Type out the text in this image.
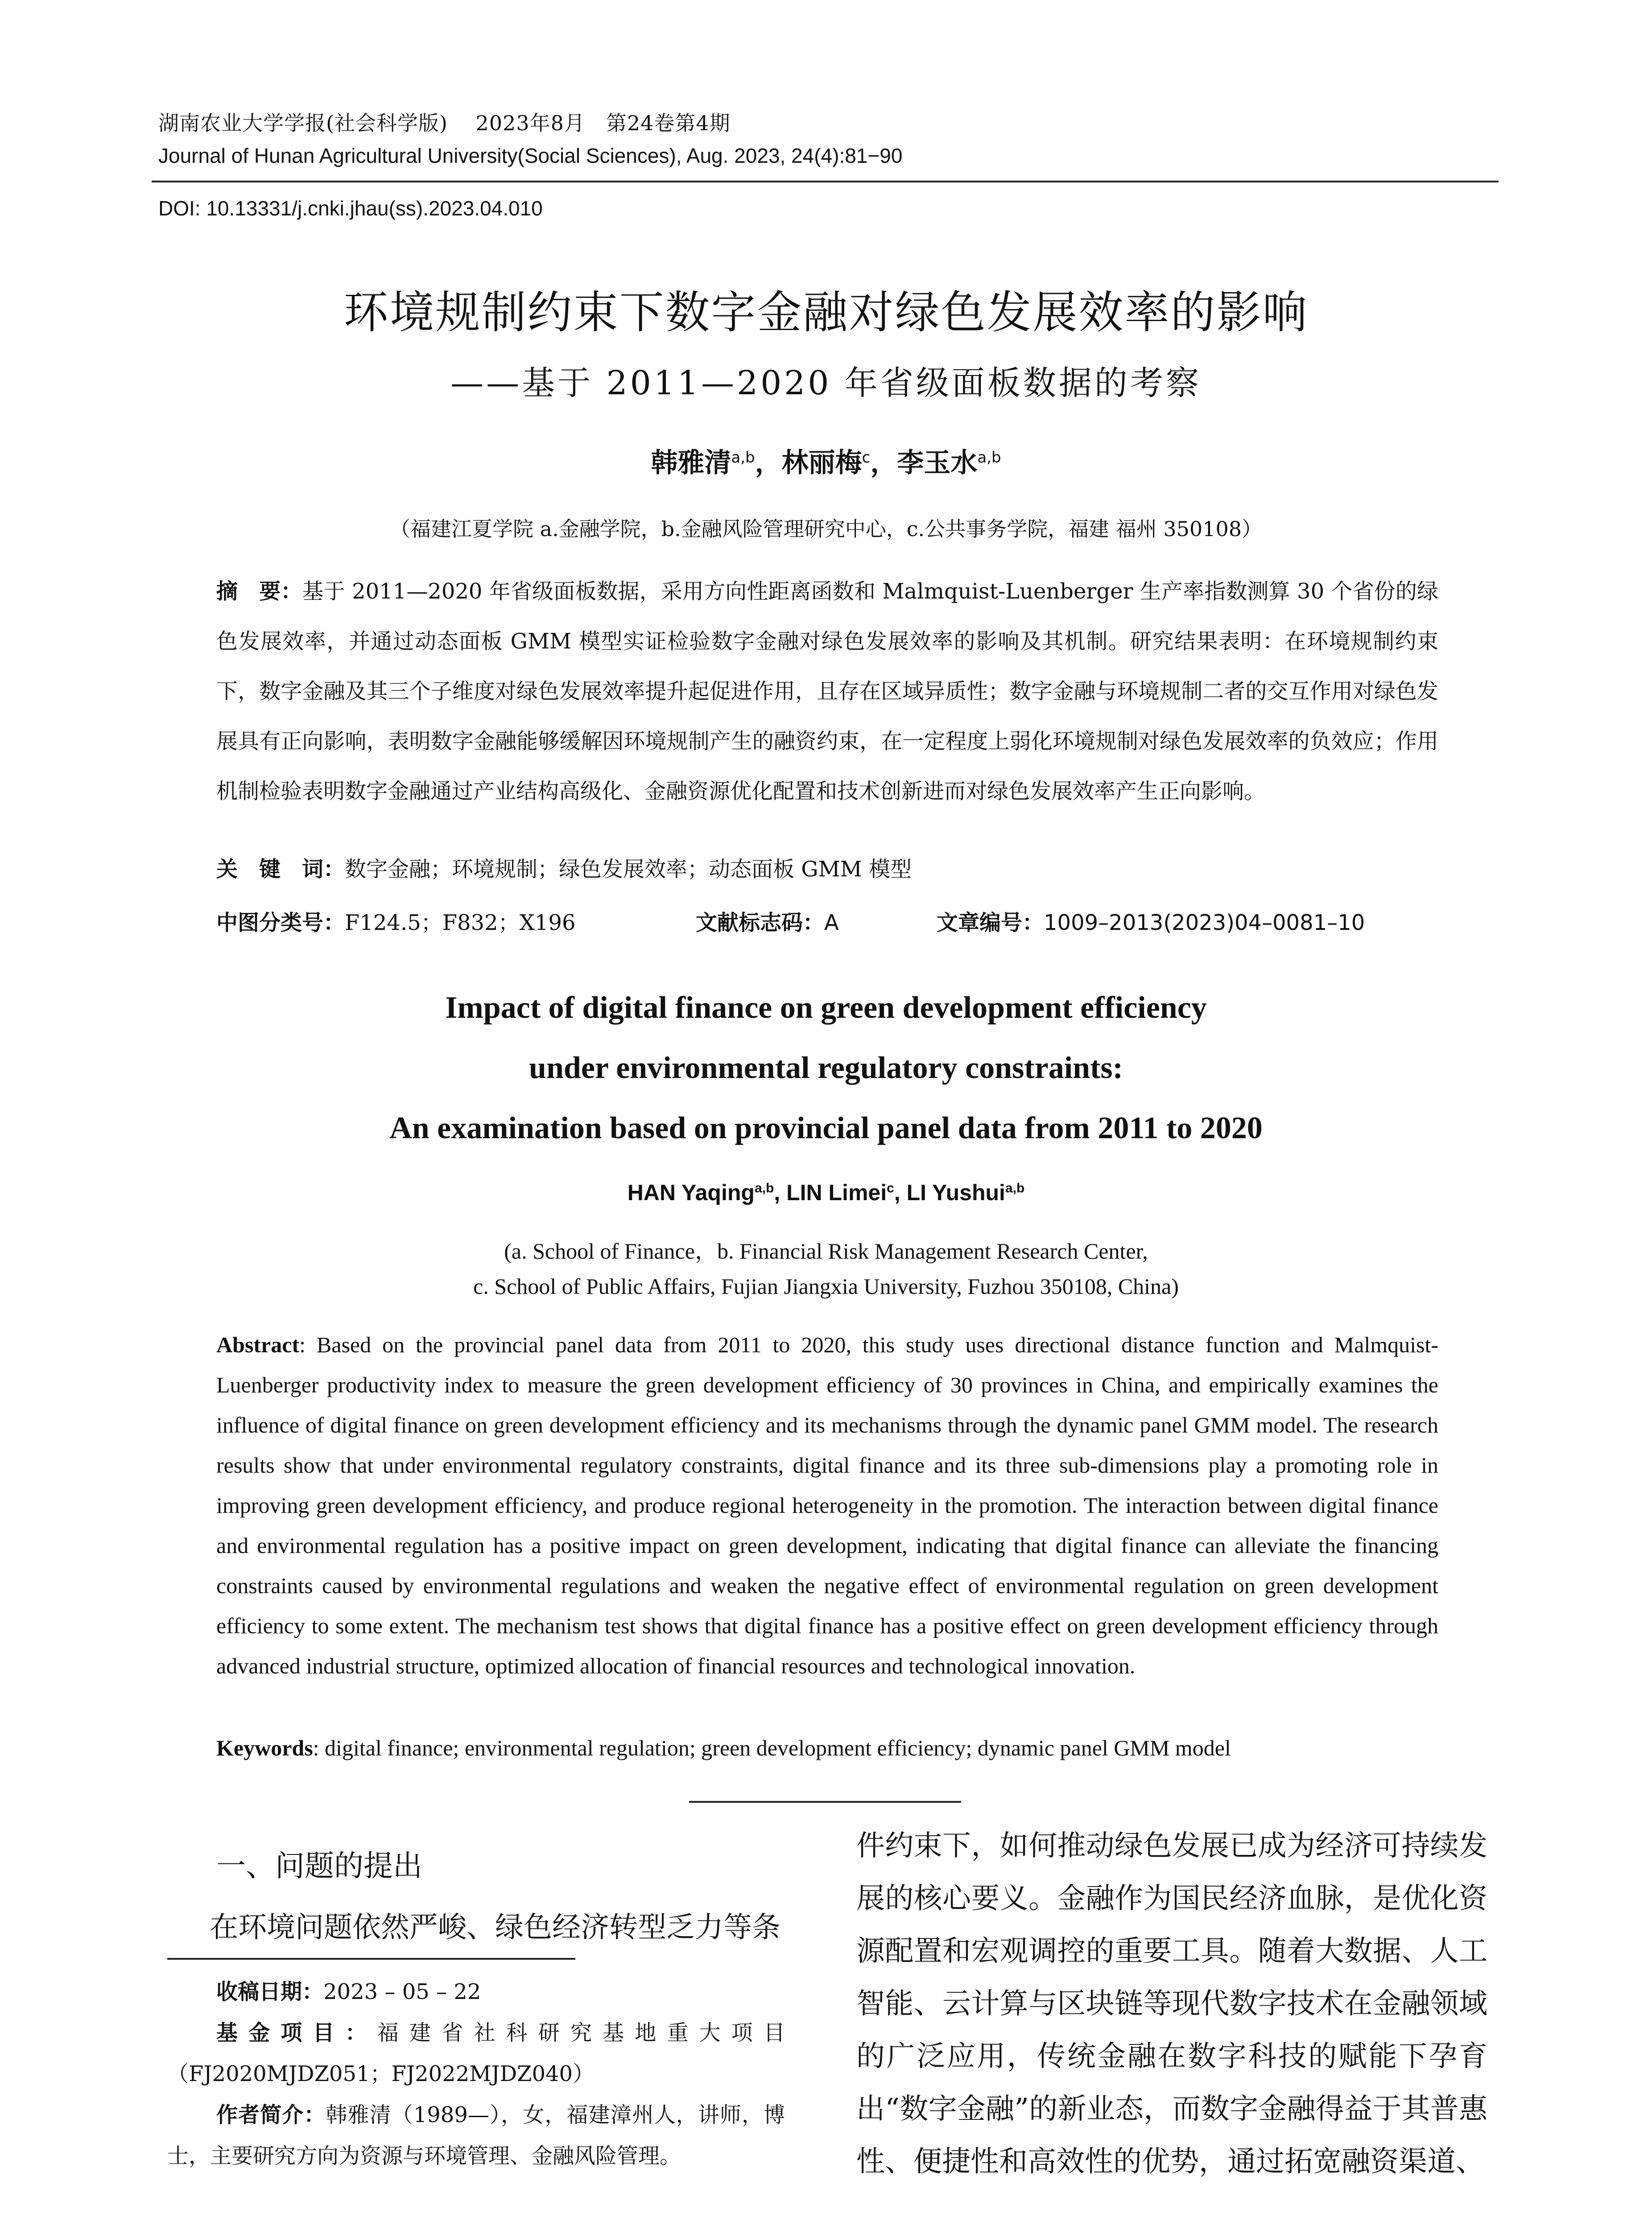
湖南农业大学学报(社会科学版)　 2023年8月　第24卷第4期
Journal of Hunan Agricultural University(Social Sciences), Aug. 2023, 24(4):81−90
DOI: 10.13331/j.cnki.jhau(ss).2023.04.010
环境规制约束下数字金融对绿色发展效率的影响
——基于 2011—2020 年省级面板数据的考察
韩雅清$^{a,b}$，林丽梅$^c$，李玉水$^{a,b}$
（福建江夏学院 a.金融学院，b.金融风险管理研究中心，c.公共事务学院，福建 福州 350108）
摘　要：基于 2011—2020 年省级面板数据，采用方向性距离函数和 Malmquist-Luenberger 生产率指数测算 30 个省份的绿色发展效率，并通过动态面板 GMM 模型实证检验数字金融对绿色发展效率的影响及其机制。研究结果表明：在环境规制约束下，数字金融及其三个子维度对绿色发展效率提升起促进作用，且存在区域异质性；数字金融与环境规制二者的交互作用对绿色发展具有正向影响，表明数字金融能够缓解因环境规制产生的融资约束，在一定程度上弱化环境规制对绿色发展效率的负效应；作用机制检验表明数字金融通过产业结构高级化、金融资源优化配置和技术创新进而对绿色发展效率产生正向影响。
关　键　词：数字金融；环境规制；绿色发展效率；动态面板 GMM 模型
中图分类号：F124.5；F832；X196	文献标志码：A	文章编号：1009–2013(2023)04–0081–10
Impact of digital finance on green development efficiency
under environmental regulatory constraints:
An examination based on provincial panel data from 2011 to 2020
HAN Yaqing$^{a,b}$, LIN Limei$^c$, LI Yushui$^{a,b}$
(a. School of Finance，b. Financial Risk Management Research Center,
c. School of Public Affairs, Fujian Jiangxia University, Fuzhou 350108, China)
Abstract: Based on the provincial panel data from 2011 to 2020, this study uses directional distance function and Malmquist-Luenberger productivity index to measure the green development efficiency of 30 provinces in China, and empirically examines the influence of digital finance on green development efficiency and its mechanisms through the dynamic panel GMM model. The research results show that under environmental regulatory constraints, digital finance and its three sub-dimensions play a promoting role in improving green development efficiency, and produce regional heterogeneity in the promotion. The interaction between digital finance and environmental regulation has a positive impact on green development, indicating that digital finance can alleviate the financing constraints caused by environmental regulations and weaken the negative effect of environmental regulation on green development efficiency to some extent. The mechanism test shows that digital finance has a positive effect on green development efficiency through advanced industrial structure, optimized allocation of financial resources and technological innovation.
Keywords: digital finance; environmental regulation; green development efficiency; dynamic panel GMM model
一、问题的提出
在环境问题依然严峻、绿色经济转型乏力等条

收稿日期：2023 – 05 – 22

基金项目：福建省社科研究基地重大项目（FJ2020MJDZ051；FJ2022MJDZ040）

作者简介：韩雅清（1989—），女，福建漳州人，讲师，博士，主要研究方向为资源与环境管理、金融风险管理。

件约束下，如何推动绿色发展已成为经济可持续发展的核心要义。金融作为国民经济血脉，是优化资源配置和宏观调控的重要工具。随着大数据、人工智能、云计算与区块链等现代数字技术在金融领域的广泛应用，传统金融在数字科技的赋能下孕育出“数字金融”的新业态，而数字金融得益于其普惠性、便捷性和高效性的优势，通过拓宽融资渠道、
